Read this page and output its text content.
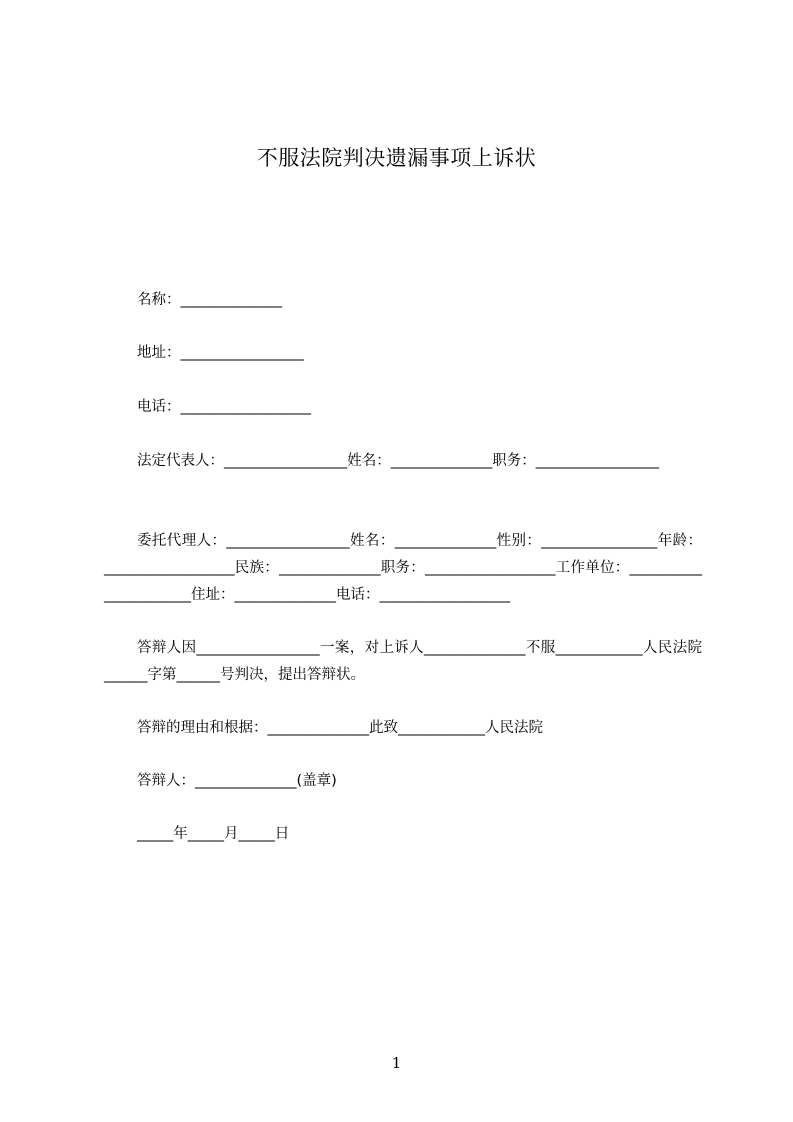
不服法院判决遗漏事项上诉状
名称：______________
地址：_________________
电话：__________________
法定代表人：_________________姓名：______________职务：_________________
委托代理人：_________________姓名：______________性别：________________年龄：__________________民族：______________职务：__________________工作单位：______________________住址：______________电话：__________________
答辩人因_________________一案，对上诉人______________不服____________人民法院______字第______号判决，提出答辩状。
答辩的理由和根据：______________此致____________人民法院
答辩人：______________(盖章)
_____年_____月_____日
1
